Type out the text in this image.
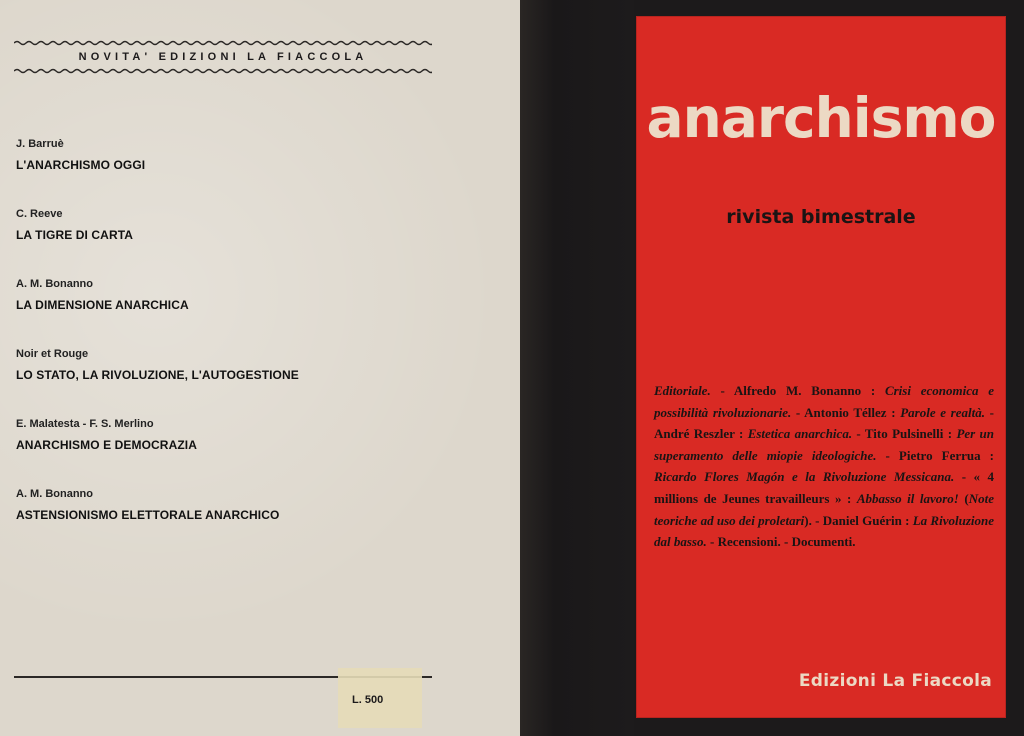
NOVITA' EDIZIONI LA FIACCOLA
J. Barruè
L'ANARCHISMO OGGI
C. Reeve
LA TIGRE DI CARTA
A. M. Bonanno
LA DIMENSIONE ANARCHICA
Noir et Rouge
LO STATO, LA RIVOLUZIONE, L'AUTOGESTIONE
E. Malatesta - F. S. Merlino
ANARCHISMO E DEMOCRAZIA
A. M. Bonanno
ASTENSIONISMO ELETTORALE ANARCHICO
L. 500
anarchismo
rivista bimestrale
Editoriale. - Alfredo M. Bonanno : Crisi economica e possibilità rivoluzionarie. - Antonio Téllez : Parole e realtà. - André Reszler : Estetica anarchica. - Tito Pulsinelli : Per un superamento delle miopie ideologiche. - Pietro Ferrua : Ricardo Flores Magón e la Rivoluzione Messicana. - « 4 millions de Jeunes travailleurs » : Abbasso il lavoro! (Note teoriche ad uso dei proletari). - Daniel Guérin : La Rivoluzione dal basso. - Recensioni. - Documenti.
Edizioni La Fiaccola
